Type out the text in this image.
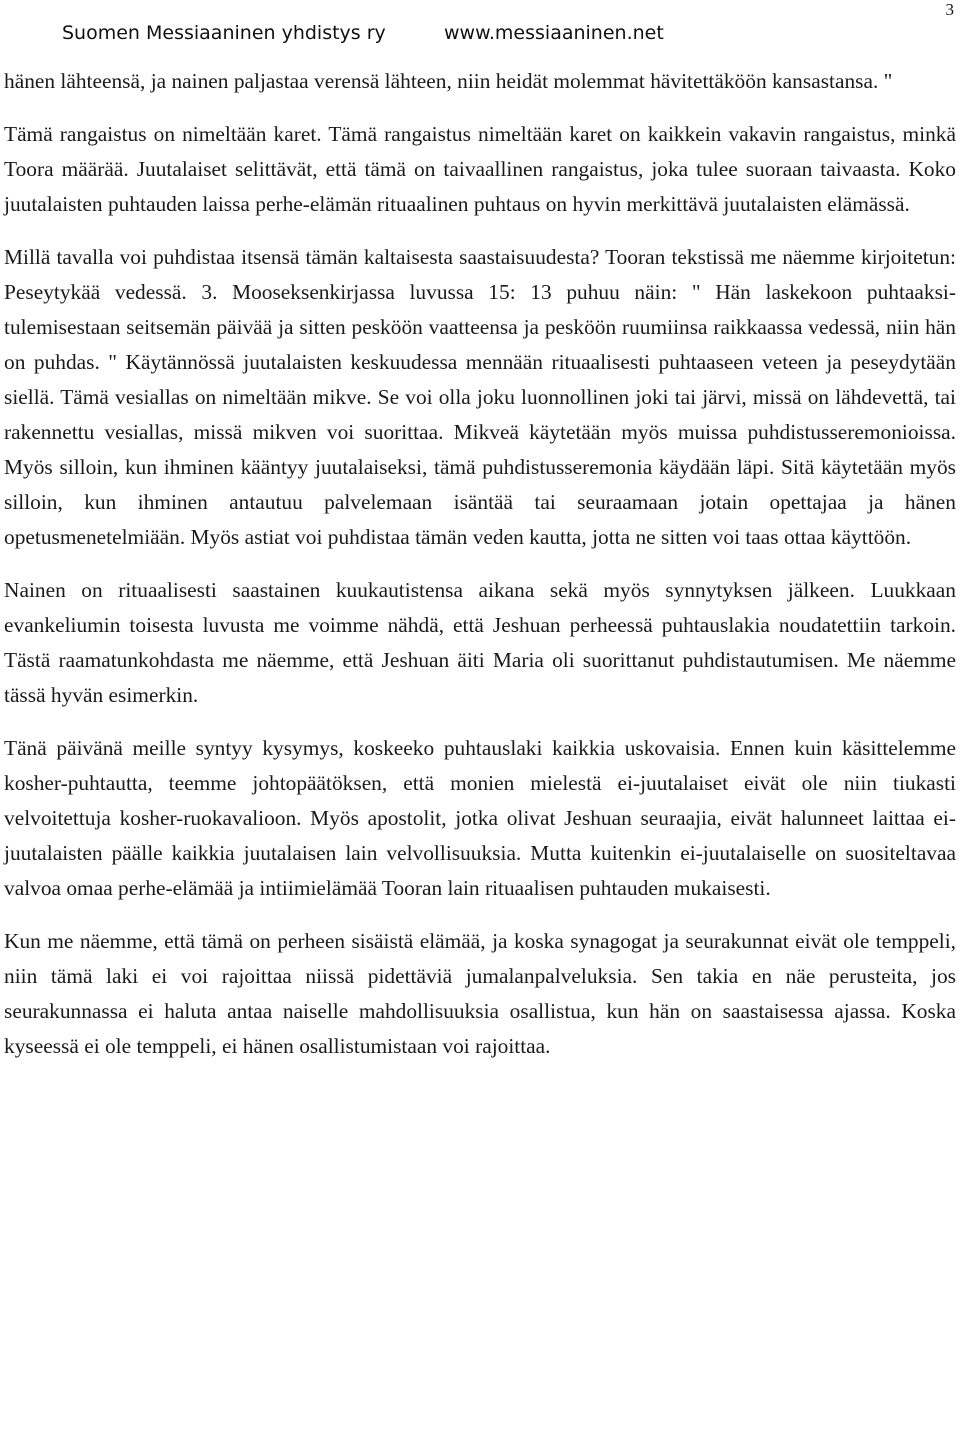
Suomen Messiaaninen yhdistys ry	www.messiaaninen.net
3

hänen lähteensä, ja nainen paljastaa verensä lähteen, niin heidät molemmat hävitettäköön kansastansa. "

Tämä rangaistus on nimeltään karet. Tämä rangaistus nimeltään karet on kaikkein vakavin rangaistus, minkä Toora määrää. Juutalaiset selittävät, että tämä on taivaallinen rangaistus, joka tulee suoraan taivaasta. Koko juutalaisten puhtauden laissa perhe-elämän rituaalinen puhtaus on hyvin merkittävä juutalaisten elämässä.

Millä tavalla voi puhdistaa itsensä tämän kaltaisesta saastaisuudesta? Tooran tekstissä me näemme kirjoitetun: Peseytykää vedessä. 3. Mooseksenkirjassa luvussa 15: 13 puhuu näin: " Hän laskekoon puhtaaksi-tulemisestaan seitsemän päivää ja sitten pesköön vaatteensa ja pesköön ruumiinsa raikkaassa vedessä, niin hän on puhdas. " Käytännössä juutalaisten keskuudessa mennään rituaalisesti puhtaaseen veteen ja peseydytään siellä. Tämä vesiallas on nimeltään mikve. Se voi olla joku luonnollinen joki tai järvi, missä on lähdevettä, tai rakennettu vesiallas, missä mikven voi suorittaa. Mikveä käytetään myös muissa puhdistusseremonioissa. Myös silloin, kun ihminen kääntyy juutalaiseksi, tämä puhdistusseremonia käydään läpi. Sitä käytetään myös silloin, kun ihminen antautuu palvelemaan isäntää tai seuraamaan jotain opettajaa ja hänen opetusmenetelmiään. Myös astiat voi puhdistaa tämän veden kautta, jotta ne sitten voi taas ottaa käyttöön.

Nainen on rituaalisesti saastainen kuukautistensa aikana sekä myös synnytyksen jälkeen. Luukkaan evankeliumin toisesta luvusta me voimme nähdä, että Jeshuan perheessä puhtauslakia noudatettiin tarkoin. Tästä raamatunkohdasta me näemme, että Jeshuan äiti Maria oli suorittanut puhdistautumisen. Me näemme tässä hyvän esimerkin.

Tänä päivänä meille syntyy kysymys, koskeeko puhtauslaki kaikkia uskovaisia. Ennen kuin käsittelemme kosher-puhtautta, teemme johtopäätöksen, että monien mielestä ei-juutalaiset eivät ole niin tiukasti velvoitettuja kosher-ruokavalioon. Myös apostolit, jotka olivat Jeshuan seuraajia, eivät halunneet laittaa ei-juutalaisten päälle kaikkia juutalaisen lain velvollisuuksia. Mutta kuitenkin ei-juutalaiselle on suositeltavaa valvoa omaa perhe-elämää ja intiimielämää Tooran lain rituaalisen puhtauden mukaisesti.

Kun me näemme, että tämä on perheen sisäistä elämää, ja koska synagogat ja seurakunnat eivät ole temppeli, niin tämä laki ei voi rajoittaa niissä pidettäviä jumalanpalveluksia. Sen takia en näe perusteita, jos seurakunnassa ei haluta antaa naiselle mahdollisuuksia osallistua, kun hän on saastaisessa ajassa. Koska kyseessä ei ole temppeli, ei hänen osallistumistaan voi rajoittaa.
